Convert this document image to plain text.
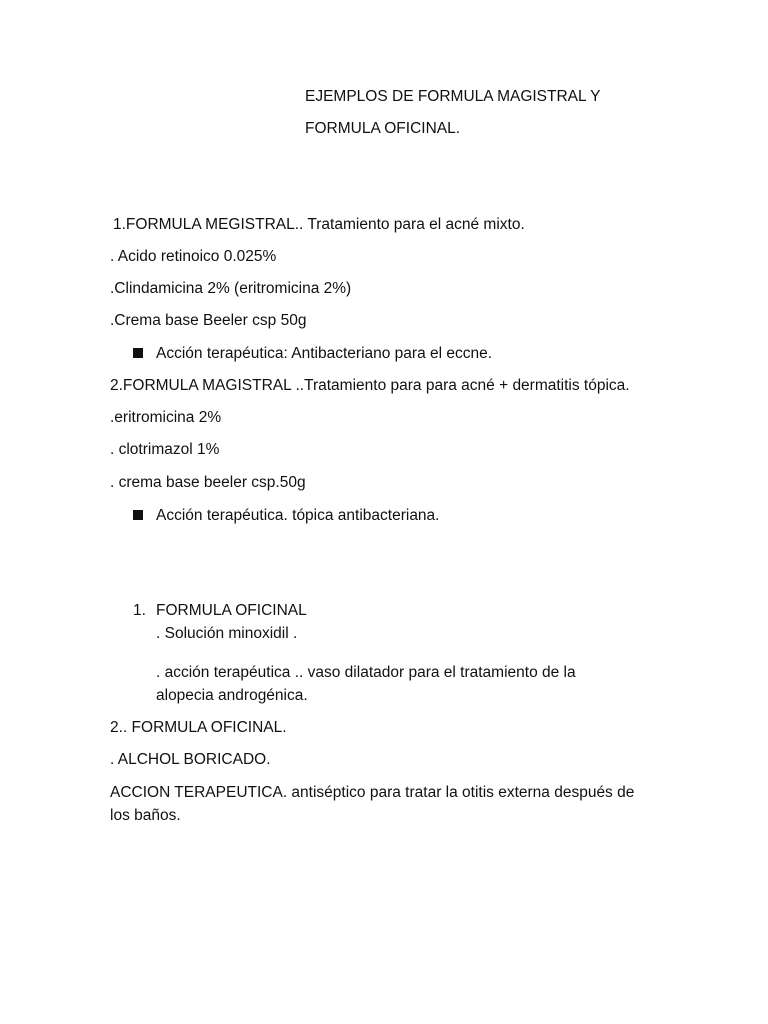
EJEMPLOS DE FORMULA MAGISTRAL Y
FORMULA OFICINAL.
1.FORMULA MEGISTRAL.. Tratamiento para el acné mixto.
. Acido retinoico 0.025%
.Clindamicina 2% (eritromicina 2%)
.Crema base Beeler csp 50g
Acción terapéutica: Antibacteriano para el eccne.
2.FORMULA MAGISTRAL ..Tratamiento para para acné + dermatitis tópica.
.eritromicina 2%
. clotrimazol 1%
. crema base beeler csp.50g
Acción terapéutica. tópica antibacteriana.
1. FORMULA OFICINAL
. Solución minoxidil .
. acción terapéutica .. vaso dilatador para el tratamiento de la
alopecia androgénica.
2.. FORMULA OFICINAL.
. ALCHOL BORICADO.
ACCION TERAPEUTICA. antiséptico para tratar la otitis externa después de
los baños.
